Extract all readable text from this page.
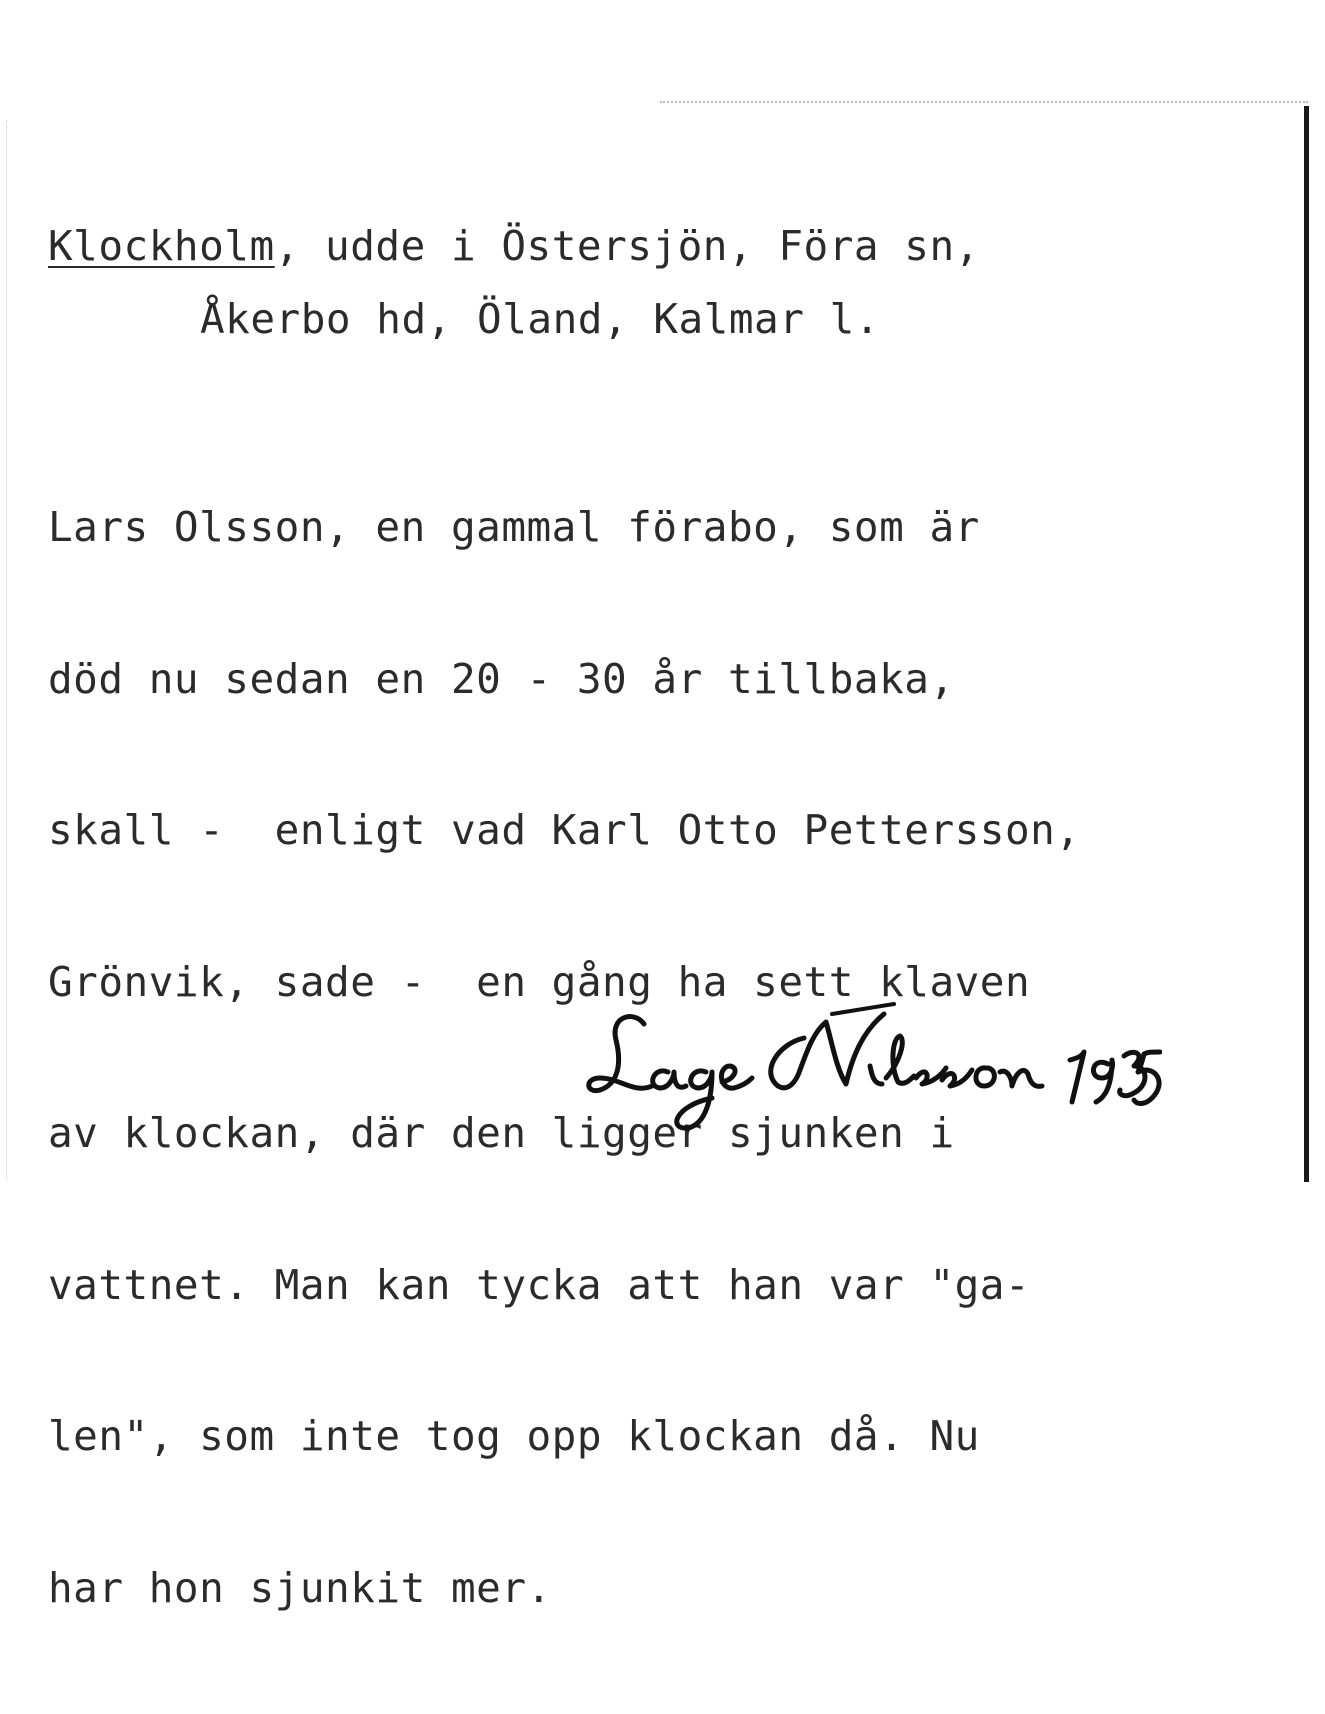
Klockholm, udde i Östersjön, Föra sn,
Åkerbo hd, Öland, Kalmar l.

Lars Olsson, en gammal förabo, som är

död nu sedan en 20 - 30 år tillbaka,

skall -  enligt vad Karl Otto Pettersson,

Grönvik, sade -  en gång ha sett klaven

av klockan, där den ligger sjunken i

vattnet. Man kan tycka att han var "ga-

len", som inte tog opp klockan då. Nu

har hon sjunkit mer.
